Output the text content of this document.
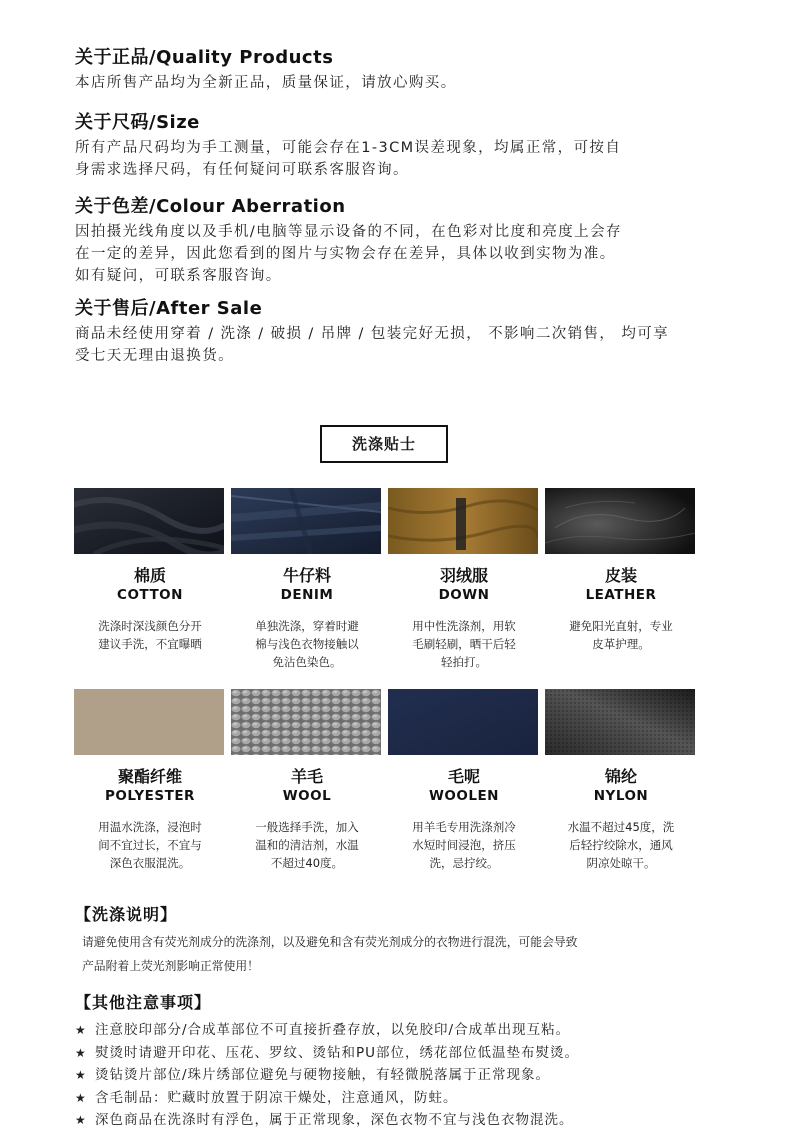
关于正品/Quality Products

本店所售产品均为全新正品，质量保证，请放心购买。

关于尺码/Size

所有产品尺码均为手工测量，可能会存在1-3CM误差现象，均属正常，可按自
身需求选择尺码，有任何疑问可联系客服咨询。

关于色差/Colour Aberration

因拍摄光线角度以及手机/电脑等显示设备的不同，在色彩对比度和亮度上会存
在一定的差异，因此您看到的图片与实物会存在差异，具体以收到实物为准。
如有疑问，可联系客服咨询。

关于售后/After Sale

商品未经使用穿着 / 洗涤 / 破损 / 吊牌 / 包装完好无损， 不影响二次销售， 均可享
受七天无理由退换货。

洗涤贴士
棉质
COTTON
洗涤时深浅颜色分开
建议手洗，不宜曝晒
牛仔料
DENIM
单独洗涤，穿着时避
棉与浅色衣物接触以
免沾色染色。
羽绒服
DOWN
用中性洗涤剂，用软
毛刷轻刷，晒干后轻
轻拍打。
皮装
LEATHER
避免阳光直射，专业
皮革护理。
聚酯纤维
POLYESTER
用温水洗涤，浸泡时
间不宜过长，不宜与
深色衣服混洗。
羊毛
WOOL
一般选择手洗，加入
温和的清洁剂，水温
不超过40度。
毛呢
WOOLEN
用羊毛专用洗涤剂冷
水短时间浸泡，挤压
洗，忌拧绞。
锦纶
NYLON
水温不超过45度，洗
后轻拧绞除水，通风
阴凉处晾干。
【洗涤说明】
请避免使用含有荧光剂成分的洗涤剂，以及避免和含有荧光剂成分的衣物进行混洗，可能会导致
产品附着上荧光剂影响正常使用！
【其他注意事项】
★ 注意胶印部分/合成革部位不可直接折叠存放，以免胶印/合成革出现互粘。
★ 熨烫时请避开印花、压花、罗纹、烫钻和PU部位，绣花部位低温垫布熨烫。
★ 烫钻烫片部位/珠片绣部位避免与硬物接触，有轻微脱落属于正常现象。
★ 含毛制品：贮藏时放置于阴凉干燥处，注意通风，防蛀。
★ 深色商品在洗涤时有浮色，属于正常现象，深色衣物不宜与浅色衣物混洗。
